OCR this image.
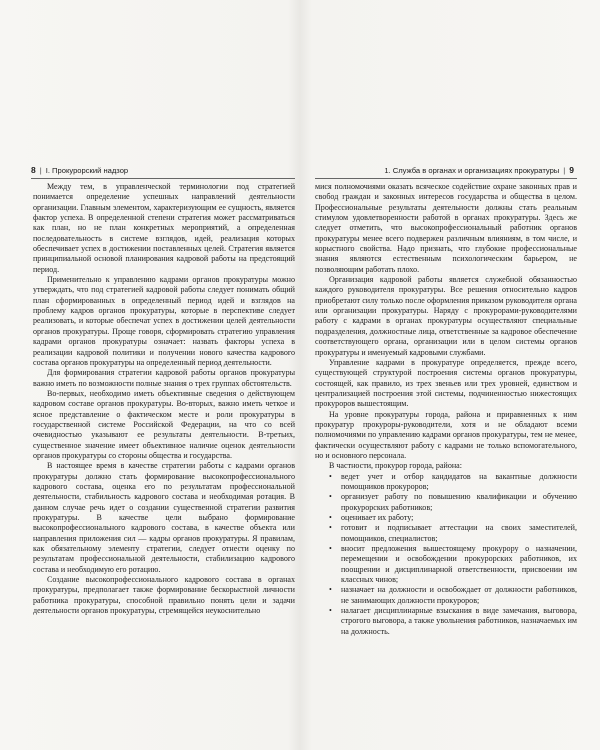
8 | I. Прокурорский надзор

Между тем, в управленческой терминологии под стратегией понимается определение успешных направлений деятельности организации. Главным элементом, характеризующим ее сущность, является фактор успеха. В определенной степени стратегия может рассматриваться как план, но не план конкретных мероприятий, а определенная последовательность в системе взглядов, идей, реализация которых обеспечивает успех в достижении поставленных целей. Стратегия является принципиальной основой планирования кадровой работы на предстоящий период.

Применительно к управлению кадрами органов прокуратуры можно утверждать, что под стратегией кадровой работы следует понимать общий план сформированных в определенный период идей и взглядов на проблему кадров органов прокуратуры, которые в перспективе следует реализовать, и которые обеспечат успех в достижении целей деятельности органов прокуратуры. Проще говоря, сформировать стратегию управления кадрами органов прокуратуры означает: назвать факторы успеха в реализации кадровой политики и получении нового качества кадрового состава органов прокуратуры на определенный период деятельности.

Для формирования стратегии кадровой работы органов прокуратуры важно иметь по возможности полные знания о трех группах обстоятельств.

Во-первых, необходимо иметь объективные сведения о действующем кадровом составе органов прокуратуры. Во-вторых, важно иметь четкое и ясное представление о фактическом месте и роли прокуратуры в государственной системе Российской Федерации, на что со всей очевидностью указывают ее результаты деятельности. В-третьих, существенное значение имеет объективное наличие оценок деятельности органов прокуратуры со стороны общества и государства.

В настоящее время в качестве стратегии работы с кадрами органов прокуратуры должно стать формирование высокопрофессионального кадрового состава, оценка его по результатам профессиональной деятельности, стабильность кадрового состава и необходимая ротация. В данном случае речь идет о создании существенной стратегии развития прокуратуры. В качестве цели выбрано формирование высокопрофессионального кадрового состава, в качестве объекта или направления приложения сил — кадры органов прокуратуры. Я правилам, как обязательному элементу стратегии, следует отнести оценку по результатам профессиональной деятельности, стабилизацию кадрового состава и необходимую его ротацию.

Создание высокопрофессионального кадрового состава в органах прокуратуры, предполагает также формирование бескорыстной личности работника прокуратуры, способной правильно понять цели и задачи деятельности органов прокуратуры, стремящейся неукоснительно

1. Служба в органах и организациях прокуратуры | 9

мися полномочиями оказать всяческое содействие охране законных прав и свобод граждан и законных интересов государства и общества в целом. Профессиональные результаты деятельности должны стать реальным стимулом удовлетворенности работой в органах прокуратуры. Здесь же следует отметить, что высокопрофессиональный работник органов прокуратуры менее всего подвержен различным влияниям, в том числе, и корыстного свойства. Надо признать, что глубокие профессиональные знания являются естественным психологическим барьером, не позволяющим работать плохо.

Организация кадровой работы является служебной обязанностью каждого руководителя прокуратуры. Все решения относительно кадров приобретают силу только после оформления приказом руководителя органа или организации прокуратуры. Наряду с прокурорами-руководителями работу с кадрами в органах прокуратуры осуществляют специальные подразделения, должностные лица, ответственные за кадровое обеспечение соответствующего органа, организации или в целом системы органов прокуратуры и именуемый кадровыми службами.

Управление кадрами в прокуратуре определяется, прежде всего, существующей структурой построения системы органов прокуратуры, состоящей, как правило, из трех звеньев или трех уровней, единством и централизацией построения этой системы, подчиненностью нижестоящих прокуроров вышестоящим.

На уровне прокуратуры города, района и приравненных к ним прокуратур прокуроры-руководители, хотя и не обладают всеми полномочиями по управлению кадрами органов прокуратуры, тем не менее, фактически осуществляют работу с кадрами не только вспомогательного, но и основного персонала.

В частности, прокурор города, района:

• ведет учет и отбор кандидатов на вакантные должности помощников прокуроров;
• организует работу по повышению квалификации и обучению прокурорских работников;
• оценивает их работу;
• готовит и подписывает аттестации на своих заместителей, помощников, специалистов;
• вносит предложения вышестоящему прокурору о назначении, перемещении и освобождении прокурорских работников, их поощрении и дисциплинарной ответственности, присвоении им классных чинов;
• назначает на должности и освобождает от должности работников, не занимающих должности прокуроров;
• налагает дисциплинарные взыскания в виде замечания, выговора, строгого выговора, а также увольнения работников, назначаемых им на должность.
